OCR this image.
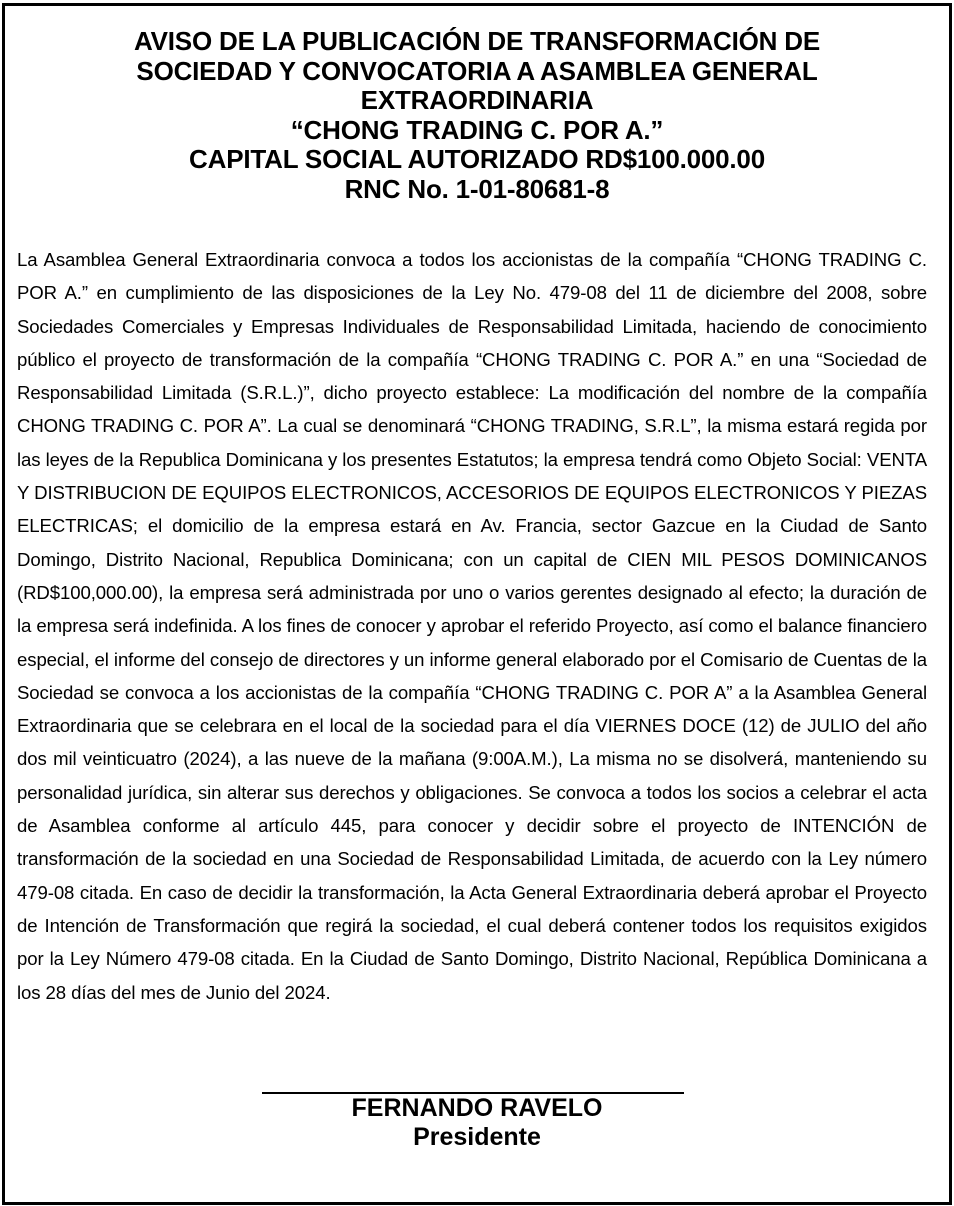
AVISO DE LA PUBLICACIÓN DE TRANSFORMACIÓN DE
SOCIEDAD Y CONVOCATORIA A ASAMBLEA GENERAL
EXTRAORDINARIA
“CHONG TRADING C. POR A.”
CAPITAL SOCIAL AUTORIZADO RD$100.000.00
RNC No. 1-01-80681-8

La Asamblea General Extraordinaria convoca a todos los accionistas de la compañía “CHONG TRADING C. POR A.” en cumplimiento de las disposiciones de la Ley No. 479-08 del 11 de diciembre del 2008, sobre Sociedades Comerciales y Empresas Individuales de Responsabilidad Limitada, haciendo de conocimiento público el proyecto de transformación de la compañía “CHONG TRADING C. POR A.” en una “Sociedad de Responsabilidad Limitada (S.R.L.)”, dicho proyecto establece: La modificación del nombre de la compañía CHONG TRADING C. POR A”. La cual se denominará “CHONG TRADING, S.R.L”, la misma estará regida por las leyes de la Republica Dominicana y los presentes Estatutos; la empresa tendrá como Objeto Social: VENTA Y DISTRIBUCION DE EQUIPOS ELECTRONICOS, ACCESORIOS DE EQUIPOS ELECTRONICOS Y PIEZAS ELECTRICAS; el domicilio de la empresa estará en Av. Francia, sector Gazcue en la Ciudad de Santo Domingo, Distrito Nacional, Republica Dominicana; con un capital de CIEN MIL PESOS DOMINICANOS (RD$100,000.00), la empresa será administrada por uno o varios gerentes designado al efecto; la duración de la empresa será indefinida. A los fines de conocer y aprobar el referido Proyecto, así como el balance financiero especial, el informe del consejo de directores y un informe general elaborado por el Comisario de Cuentas de la Sociedad se convoca a los accionistas de la compañía “CHONG TRADING C. POR A” a la Asamblea General Extraordinaria que se celebrara en el local de la sociedad para el día VIERNES DOCE (12) de JULIO del año dos mil veinticuatro (2024), a las nueve de la mañana (9:00A.M.), La misma no se disolverá, manteniendo su personalidad jurídica, sin alterar sus derechos y obligaciones. Se convoca a todos los socios a celebrar el acta de Asamblea conforme al artículo 445, para conocer y decidir sobre el proyecto de INTENCIÓN de transformación de la sociedad en una Sociedad de Responsabilidad Limitada, de acuerdo con la Ley número 479-08 citada. En caso de decidir la transformación, la Acta General Extraordinaria deberá aprobar el Proyecto de Intención de Transformación que regirá la sociedad, el cual deberá contener todos los requisitos exigidos por la Ley Número 479-08 citada. En la Ciudad de Santo Domingo, Distrito Nacional, República Dominicana a los 28 días del mes de Junio del 2024.

FERNANDO RAVELO
Presidente
